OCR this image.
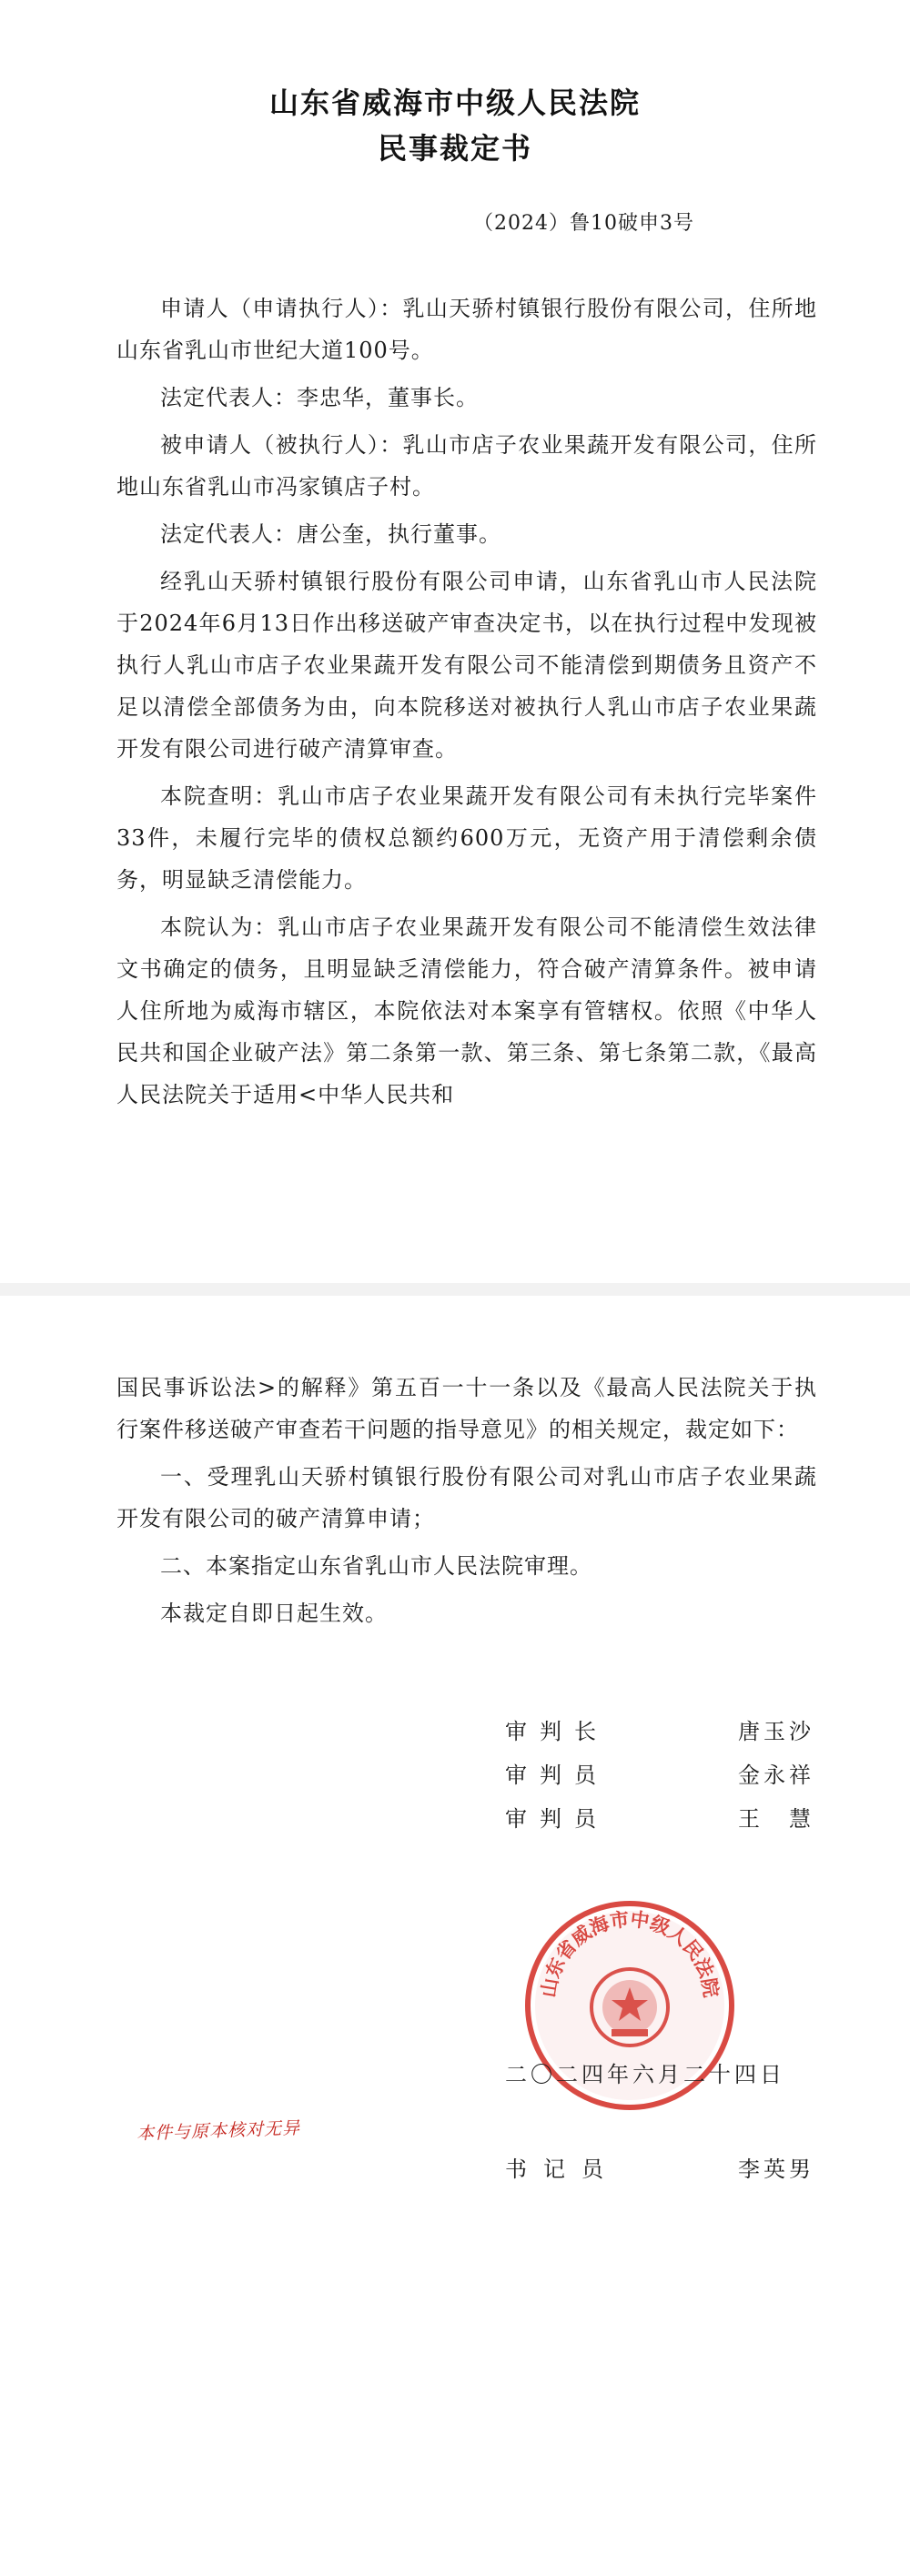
山东省威海市中级人民法院
民事裁定书
（2024）鲁10破申3号

申请人（申请执行人）：乳山天骄村镇银行股份有限公司，住所地山东省乳山市世纪大道100号。

法定代表人：李忠华，董事长。

被申请人（被执行人）：乳山市店子农业果蔬开发有限公司，住所地山东省乳山市冯家镇店子村。

法定代表人：唐公奎，执行董事。

经乳山天骄村镇银行股份有限公司申请，山东省乳山市人民法院于2024年6月13日作出移送破产审查决定书，以在执行过程中发现被执行人乳山市店子农业果蔬开发有限公司不能清偿到期债务且资产不足以清偿全部债务为由，向本院移送对被执行人乳山市店子农业果蔬开发有限公司进行破产清算审查。

本院查明：乳山市店子农业果蔬开发有限公司有未执行完毕案件33件，未履行完毕的债权总额约600万元，无资产用于清偿剩余债务，明显缺乏清偿能力。

本院认为：乳山市店子农业果蔬开发有限公司不能清偿生效法律文书确定的债务，且明显缺乏清偿能力，符合破产清算条件。被申请人住所地为威海市辖区，本院依法对本案享有管辖权。依照《中华人民共和国企业破产法》第二条第一款、第三条、第七条第二款，《最高人民法院关于适用<中华人民共和

国民事诉讼法>的解释》第五百一十一条以及《最高人民法院关于执行案件移送破产审查若干问题的指导意见》的相关规定，裁定如下：

一、受理乳山天骄村镇银行股份有限公司对乳山市店子农业果蔬开发有限公司的破产清算申请；

二、本案指定山东省乳山市人民法院审理。

本裁定自即日起生效。

审判长	唐玉沙
审判员	金永祥
审判员	王　慧
山东省威海市中级人民法院
二〇二四年六月二十四日
本件与原本核对无异
书记员	李英男
